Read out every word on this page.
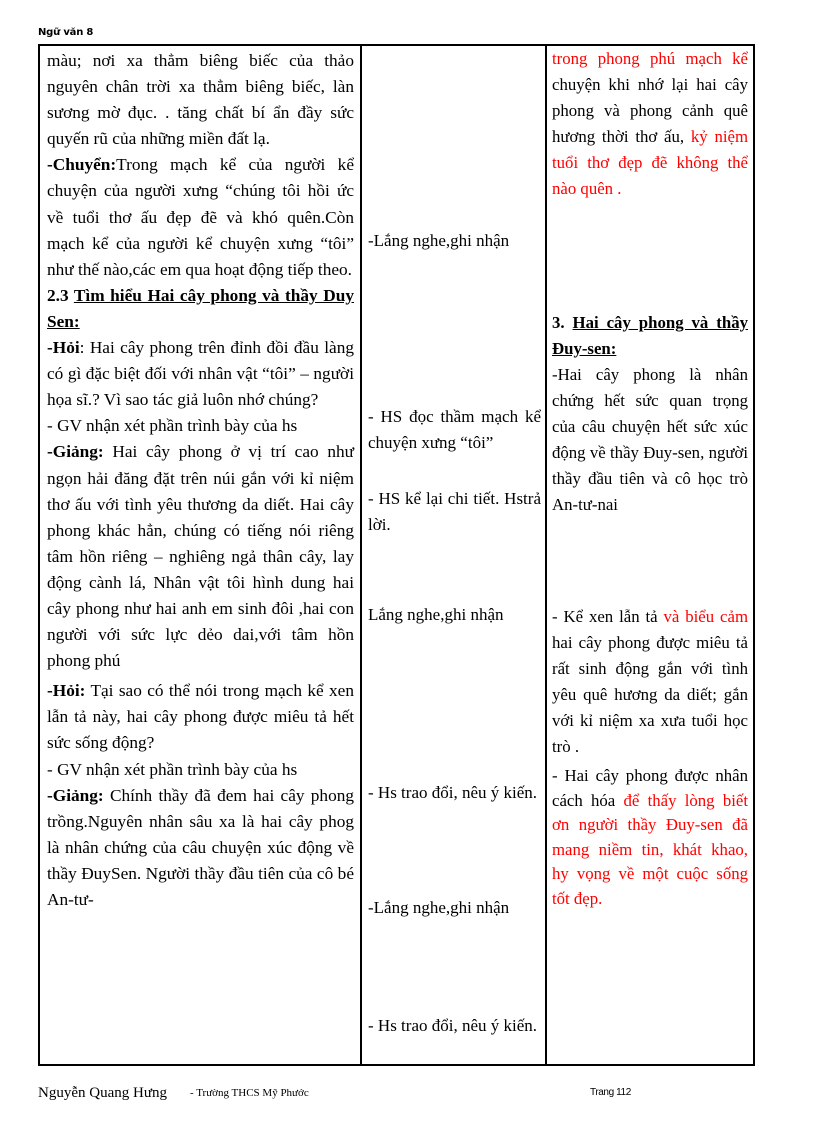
Ngữ văn 8

màu; nơi xa thẳm biêng biếc của thảo nguyên chân trời xa thẳm biêng biếc, làn sương mờ đục. . tăng chất bí ẩn đầy sức quyến rũ của những miền đất lạ.

-Chuyển:Trong mạch kể của người kể chuyện của người xưng “chúng tôi hồi ức về tuổi thơ ấu đẹp đẽ và khó quên.Còn mạch kể của người kể chuyện xưng “tôi” như thế nào,các em qua hoạt động tiếp theo.

2.3 Tìm hiểu Hai cây phong và thầy Duy Sen:

-Hỏi: Hai cây phong trên đỉnh đồi đầu làng có gì đặc biệt đối với nhân vật “tôi” – người họa sĩ.? Vì sao tác giả luôn nhớ chúng?

- GV nhận xét phần trình bày của hs

-Giảng: Hai cây phong ở vị trí cao như ngọn hải đăng đặt trên núi gắn với kỉ niệm thơ ấu với tình yêu thương da diết. Hai cây phong khác hẳn, chúng có tiếng nói riêng tâm hồn riêng – nghiêng ngả thân cây, lay động cành lá, Nhân vật tôi hình dung hai cây phong như hai anh em sinh đôi ,hai con người với sức lực dẻo dai,với tâm hồn phong phú

-Hỏi: Tại sao có thể nói trong mạch kể xen lẫn tả này, hai cây phong được miêu tả hết sức sống động?

- GV nhận xét phần trình bày của hs

-Giảng: Chính thầy đã đem hai cây phong trồng.Nguyên nhân sâu xa là hai cây phog là nhân chứng của câu chuyện xúc động về thầy ĐuySen. Người thầy đầu tiên của cô bé An-tư-

-Lắng nghe,ghi nhận
- HS đọc thầm mạch kể chuyện xưng “tôi”
- HS kể lại chi tiết. Hstrả lời.
Lắng nghe,ghi nhận
- Hs trao đổi, nêu ý kiến.
-Lắng nghe,ghi nhận
- Hs trao đổi, nêu ý kiến.

trong phong phú mạch kể chuyện khi nhớ lại hai cây phong và phong cảnh quê hương thời thơ ấu, kỷ niệm tuổi thơ đẹp đẽ không thể nào quên .

3. Hai cây phong và thầy Đuy-sen:

-Hai cây phong là nhân chứng hết sức quan trọng của câu chuyện hết sức xúc động về thầy Đuy-sen, người thầy đầu tiên và cô học trò An-tư-nai

- Kể xen lẫn tả và biểu cảm hai cây phong được miêu tả rất sinh động gắn với tình yêu quê hương da diết; gắn với kỉ niệm xa xưa tuổi học trò .

- Hai cây phong được nhân cách hóa để thấy lòng biết ơn người thầy Đuy-sen đã mang niềm tin, khát khao, hy vọng về một cuộc sống tốt đẹp.

Nguyễn Quang Hưng - Trường THCS Mỹ Phước	Trang 112
